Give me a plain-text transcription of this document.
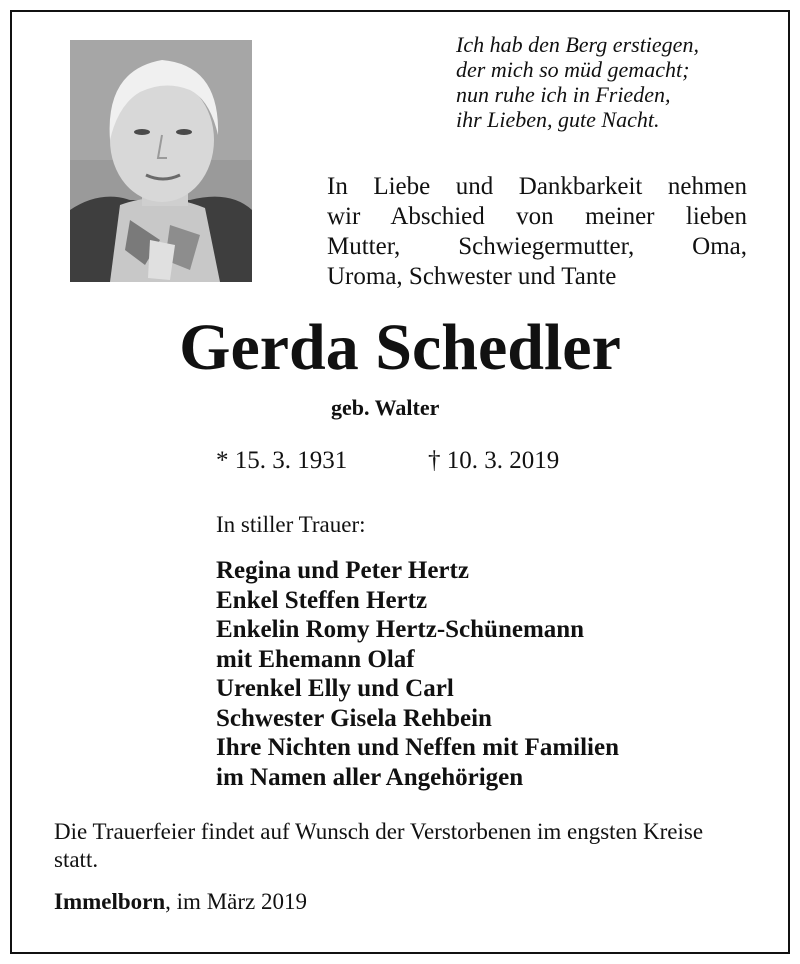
Ich hab den Berg erstiegen,
der mich so müd gemacht;
nun ruhe ich in Frieden,
ihr Lieben, gute Nacht.
In Liebe und Dankbarkeit nehmen
wir Abschied von meiner lieben
Mutter, Schwiegermutter, Oma,
Uroma, Schwester und Tante
Gerda Schedler
geb. Walter
* 15. 3. 1931	† 10. 3. 2019
In stiller Trauer:
Regina und Peter Hertz
Enkel Steffen Hertz
Enkelin Romy Hertz-Schünemann
mit Ehemann Olaf
Urenkel Elly und Carl
Schwester Gisela Rehbein
Ihre Nichten und Neffen mit Familien
im Namen aller Angehörigen
Die Trauerfeier findet auf Wunsch der Verstorbenen im engsten Kreise statt.
Immelborn, im März 2019
